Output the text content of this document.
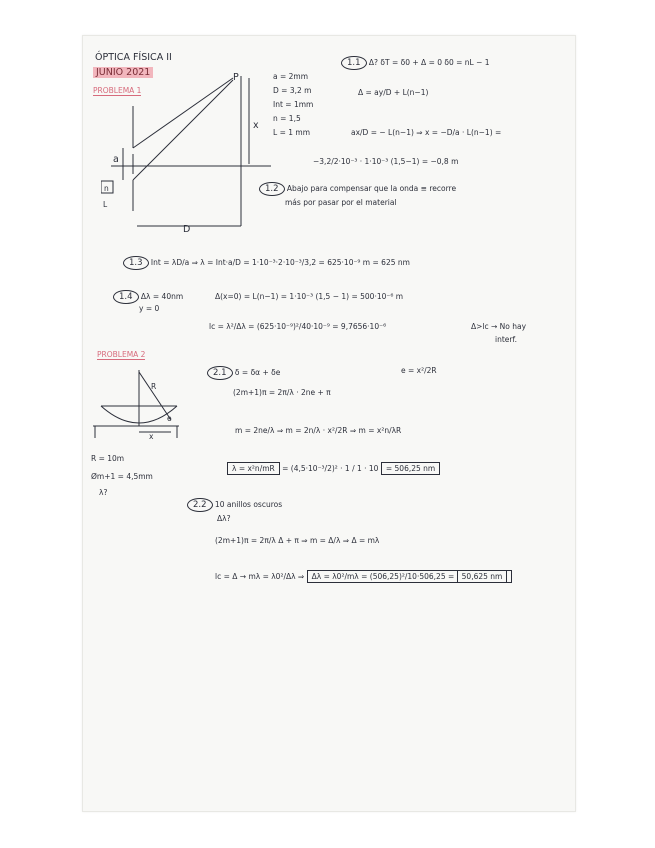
ÓPTICA FÍSICA II
JUNIO 2021
PROBLEMA 1
P
x
a
n
L
D
a = 2mm
D = 3,2 m
Int = 1mm
n = 1,5
L = 1 mm
1.1 Δ? δT = δ0 + Δ = 0 δ0 = nL − 1
Δ = ay/D + L(n−1)
ax/D = − L(n−1) ⇒ x = −D/a · L(n−1) =
−3,2/2·10⁻³ · 1·10⁻³ (1,5−1) = −0,8 m
1.2 Abajo para compensar que la onda ≡ recorre
más por pasar por el material
1.3 Int = λD/a ⇒ λ = Int·a/D = 1·10⁻³·2·10⁻³/3,2 = 625·10⁻⁹ m = 625 nm
1.4 Δλ = 40nm
y = 0
Δ(x=0) = L(n−1) = 1·10⁻³ (1,5 − 1) = 500·10⁻⁶ m
lc = λ²/Δλ = (625·10⁻⁹)²/40·10⁻⁹ = 9,7656·10⁻⁶	Δ>lc → No hay
interf.
PROBLEMA 2
R
e
x
R = 10m
Øm+1 = 4,5mm
λ?
2.1 δ = δα + δe	e = x²/2R
(2m+1)π = 2π/λ · 2ne + π
m = 2ne/λ ⇒ m = 2n/λ · x²/2R ⇒ m = x²n/λR
λ = x²n/mR = (4,5·10⁻³/2)² · 1 / 1 · 10 = 506,25 nm
2.2 10 anillos oscuros
Δλ?
(2m+1)π = 2π/λ Δ + π ⇒ m = Δ/λ ⇒ Δ = mλ
lc = Δ → mλ = λ0²/Δλ ⇒ Δλ = λ0²/mλ = (506,25)²/10·506,25 = 50,625 nm
